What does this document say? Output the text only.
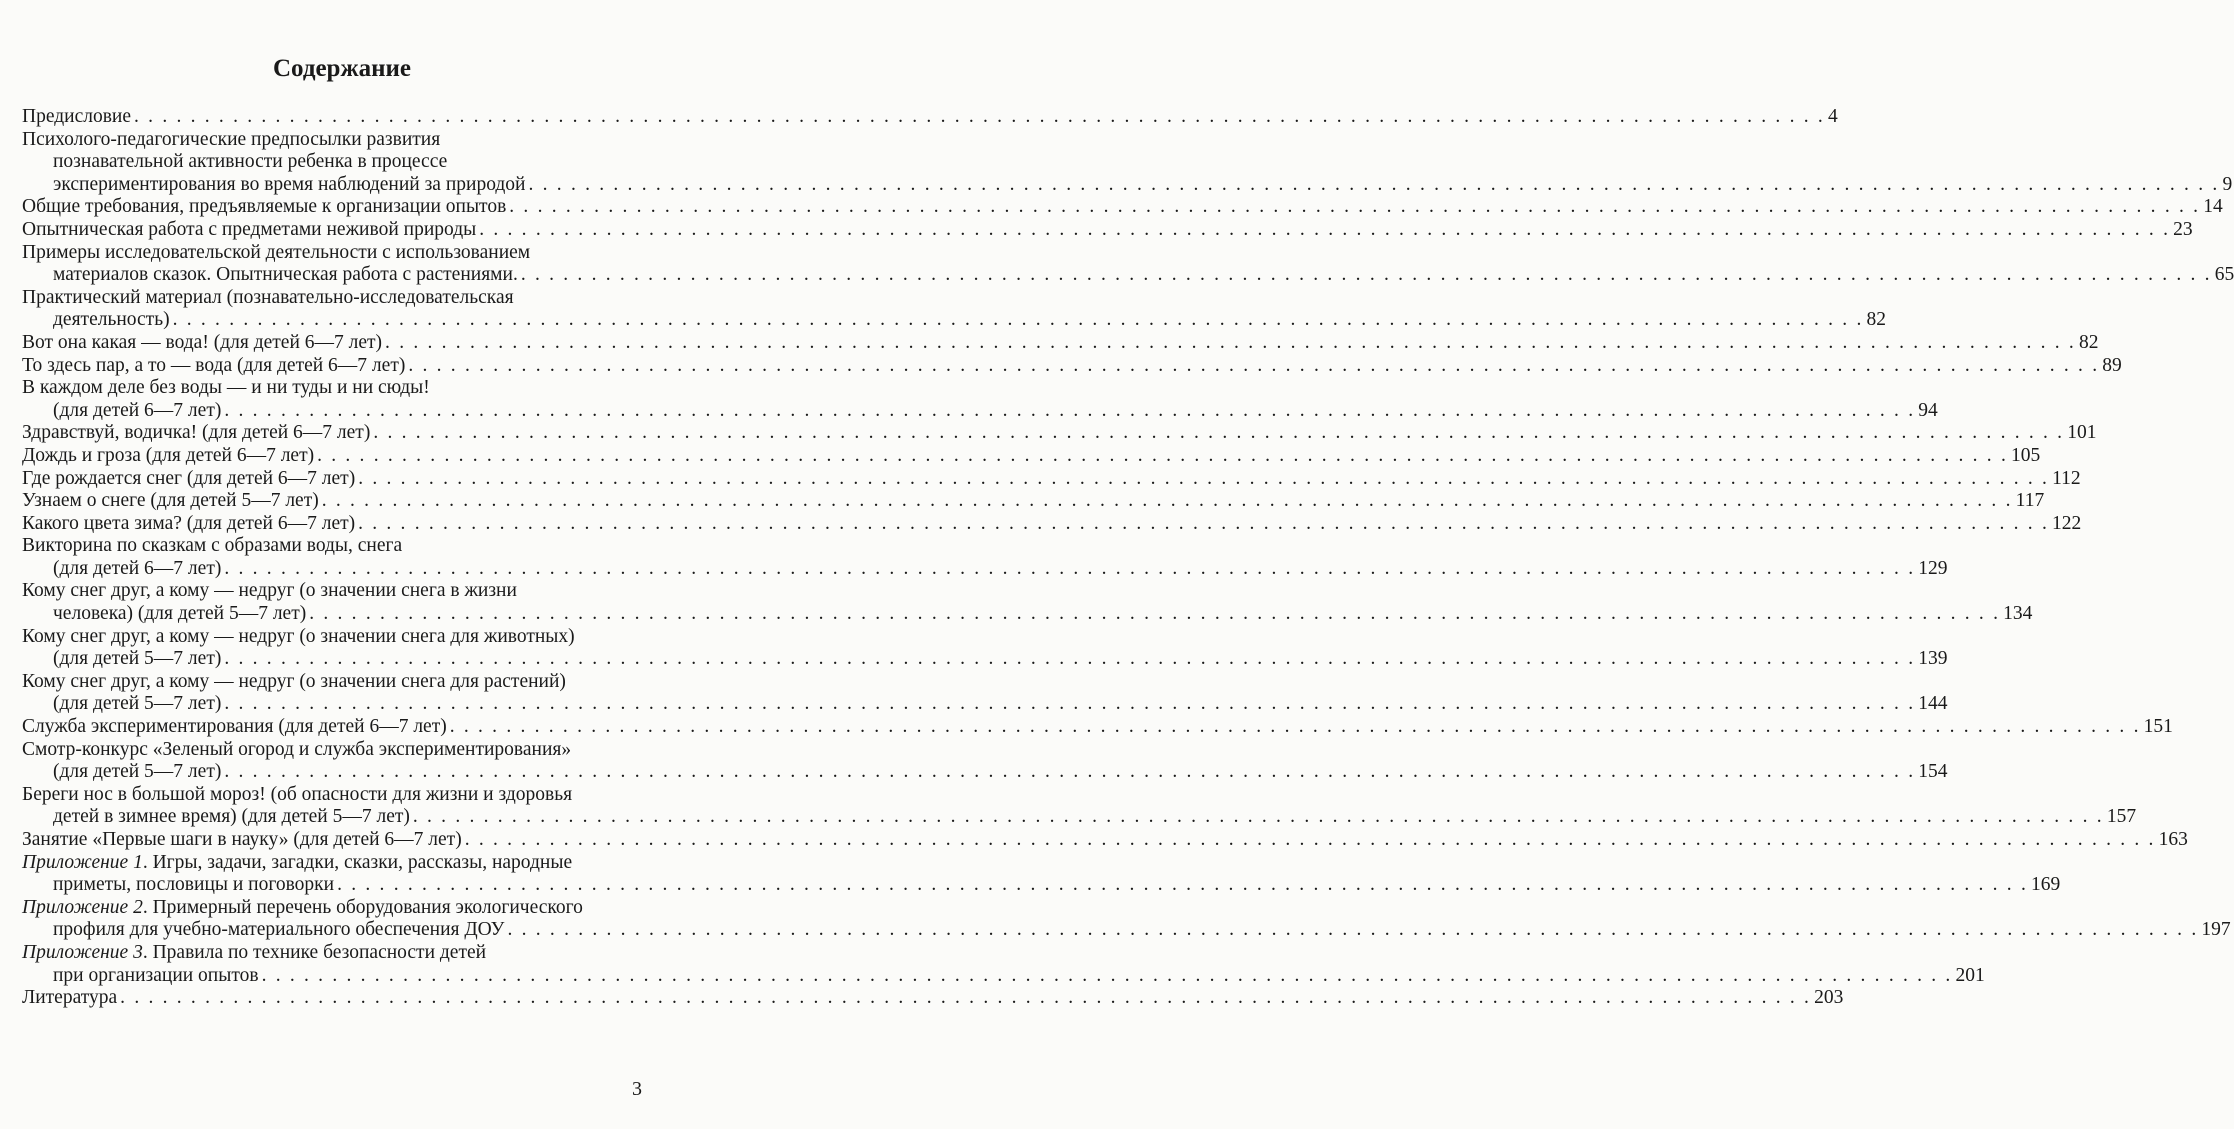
Содержание
Предисловие . . . . . . . . . . . . . . . . . . . . . . . . . . . . . . . . . . . . . . . . . . . . . . . . . . . . . . . . . . . . . . . . . . . . . . . . . . . . . . . . . . . . . . . . . . . . . . . . . . . . . . . . . . . . . . . . . . . . . . . . 4
Психолого-педагогические предпосылки развития
познавательной активности ребенка в процессе
экспериментирования во время наблюдений за природой . . . . . . . . . . . . . . . . . . . . . . . . . . . . . . . . . . . . . . . . . . . . . . . . . . . . . . . . . . . . . . . . . . . . . . . . . . . . . . . . . . . . . . . . . . . . . . . . . . . . . . . . . . . . . . . . . . . . . . . . 9
Общие требования, предъявляемые к организации опытов . . . . . . . . . . . . . . . . . . . . . . . . . . . . . . . . . . . . . . . . . . . . . . . . . . . . . . . . . . . . . . . . . . . . . . . . . . . . . . . . . . . . . . . . . . . . . . . . . . . . . . . . . . . . . . . . . . . . . . . . 14
Опытническая работа с предметами неживой природы . . . . . . . . . . . . . . . . . . . . . . . . . . . . . . . . . . . . . . . . . . . . . . . . . . . . . . . . . . . . . . . . . . . . . . . . . . . . . . . . . . . . . . . . . . . . . . . . . . . . . . . . . . . . . . . . . . . . . . . . 23
Примеры исследовательской деятельности с использованием
материалов сказок. Опытническая работа с растениями. . . . . . . . . . . . . . . . . . . . . . . . . . . . . . . . . . . . . . . . . . . . . . . . . . . . . . . . . . . . . . . . . . . . . . . . . . . . . . . . . . . . . . . . . . . . . . . . . . . . . . . . . . . . . . . . . . . . . . . . . 65
Практический материал (познавательно-исследовательская
деятельность) . . . . . . . . . . . . . . . . . . . . . . . . . . . . . . . . . . . . . . . . . . . . . . . . . . . . . . . . . . . . . . . . . . . . . . . . . . . . . . . . . . . . . . . . . . . . . . . . . . . . . . . . . . . . . . . . . . . . . . . . 82
Вот она какая — вода! (для детей 6—7 лет) . . . . . . . . . . . . . . . . . . . . . . . . . . . . . . . . . . . . . . . . . . . . . . . . . . . . . . . . . . . . . . . . . . . . . . . . . . . . . . . . . . . . . . . . . . . . . . . . . . . . . . . . . . . . . . . . . . . . . . . . 82
То здесь пар, а то — вода (для детей 6—7 лет) . . . . . . . . . . . . . . . . . . . . . . . . . . . . . . . . . . . . . . . . . . . . . . . . . . . . . . . . . . . . . . . . . . . . . . . . . . . . . . . . . . . . . . . . . . . . . . . . . . . . . . . . . . . . . . . . . . . . . . . . 89
В каждом деле без воды — и ни туды и ни сюды!
(для детей 6—7 лет) . . . . . . . . . . . . . . . . . . . . . . . . . . . . . . . . . . . . . . . . . . . . . . . . . . . . . . . . . . . . . . . . . . . . . . . . . . . . . . . . . . . . . . . . . . . . . . . . . . . . . . . . . . . . . . . . . . . . . . . . 94
Здравствуй, водичка! (для детей 6—7 лет) . . . . . . . . . . . . . . . . . . . . . . . . . . . . . . . . . . . . . . . . . . . . . . . . . . . . . . . . . . . . . . . . . . . . . . . . . . . . . . . . . . . . . . . . . . . . . . . . . . . . . . . . . . . . . . . . . . . . . . . . 101
Дождь и гроза (для детей 6—7 лет) . . . . . . . . . . . . . . . . . . . . . . . . . . . . . . . . . . . . . . . . . . . . . . . . . . . . . . . . . . . . . . . . . . . . . . . . . . . . . . . . . . . . . . . . . . . . . . . . . . . . . . . . . . . . . . . . . . . . . . . . 105
Где рождается снег (для детей 6—7 лет) . . . . . . . . . . . . . . . . . . . . . . . . . . . . . . . . . . . . . . . . . . . . . . . . . . . . . . . . . . . . . . . . . . . . . . . . . . . . . . . . . . . . . . . . . . . . . . . . . . . . . . . . . . . . . . . . . . . . . . . . 112
Узнаем о снеге (для детей 5—7 лет) . . . . . . . . . . . . . . . . . . . . . . . . . . . . . . . . . . . . . . . . . . . . . . . . . . . . . . . . . . . . . . . . . . . . . . . . . . . . . . . . . . . . . . . . . . . . . . . . . . . . . . . . . . . . . . . . . . . . . . . . 117
Какого цвета зима? (для детей 6—7 лет) . . . . . . . . . . . . . . . . . . . . . . . . . . . . . . . . . . . . . . . . . . . . . . . . . . . . . . . . . . . . . . . . . . . . . . . . . . . . . . . . . . . . . . . . . . . . . . . . . . . . . . . . . . . . . . . . . . . . . . . . 122
Викторина по сказкам с образами воды, снега
(для детей 6—7 лет) . . . . . . . . . . . . . . . . . . . . . . . . . . . . . . . . . . . . . . . . . . . . . . . . . . . . . . . . . . . . . . . . . . . . . . . . . . . . . . . . . . . . . . . . . . . . . . . . . . . . . . . . . . . . . . . . . . . . . . . . 129
Кому снег друг, а кому — недруг (о значении снега в жизни
человека) (для детей 5—7 лет) . . . . . . . . . . . . . . . . . . . . . . . . . . . . . . . . . . . . . . . . . . . . . . . . . . . . . . . . . . . . . . . . . . . . . . . . . . . . . . . . . . . . . . . . . . . . . . . . . . . . . . . . . . . . . . . . . . . . . . . . 134
Кому снег друг, а кому — недруг (о значении снега для животных)
(для детей 5—7 лет) . . . . . . . . . . . . . . . . . . . . . . . . . . . . . . . . . . . . . . . . . . . . . . . . . . . . . . . . . . . . . . . . . . . . . . . . . . . . . . . . . . . . . . . . . . . . . . . . . . . . . . . . . . . . . . . . . . . . . . . . 139
Кому снег друг, а кому — недруг (о значении снега для растений)
(для детей 5—7 лет) . . . . . . . . . . . . . . . . . . . . . . . . . . . . . . . . . . . . . . . . . . . . . . . . . . . . . . . . . . . . . . . . . . . . . . . . . . . . . . . . . . . . . . . . . . . . . . . . . . . . . . . . . . . . . . . . . . . . . . . . 144
Служба экспериментирования (для детей 6—7 лет) . . . . . . . . . . . . . . . . . . . . . . . . . . . . . . . . . . . . . . . . . . . . . . . . . . . . . . . . . . . . . . . . . . . . . . . . . . . . . . . . . . . . . . . . . . . . . . . . . . . . . . . . . . . . . . . . . . . . . . . . 151
Смотр-конкурс «Зеленый огород и служба экспериментирования»
(для детей 5—7 лет) . . . . . . . . . . . . . . . . . . . . . . . . . . . . . . . . . . . . . . . . . . . . . . . . . . . . . . . . . . . . . . . . . . . . . . . . . . . . . . . . . . . . . . . . . . . . . . . . . . . . . . . . . . . . . . . . . . . . . . . . 154
Береги нос в большой мороз! (об опасности для жизни и здоровья
детей в зимнее время) (для детей 5—7 лет) . . . . . . . . . . . . . . . . . . . . . . . . . . . . . . . . . . . . . . . . . . . . . . . . . . . . . . . . . . . . . . . . . . . . . . . . . . . . . . . . . . . . . . . . . . . . . . . . . . . . . . . . . . . . . . . . . . . . . . . . 157
Занятие «Первые шаги в науку» (для детей 6—7 лет) . . . . . . . . . . . . . . . . . . . . . . . . . . . . . . . . . . . . . . . . . . . . . . . . . . . . . . . . . . . . . . . . . . . . . . . . . . . . . . . . . . . . . . . . . . . . . . . . . . . . . . . . . . . . . . . . . . . . . . . . 163
Приложение 1 . Игры, задачи, загадки, сказки, рассказы, народные
приметы, пословицы и поговорки . . . . . . . . . . . . . . . . . . . . . . . . . . . . . . . . . . . . . . . . . . . . . . . . . . . . . . . . . . . . . . . . . . . . . . . . . . . . . . . . . . . . . . . . . . . . . . . . . . . . . . . . . . . . . . . . . . . . . . . . 169
Приложение 2 . Примерный перечень оборудования экологического
профиля для учебно-материального обеспечения ДОУ . . . . . . . . . . . . . . . . . . . . . . . . . . . . . . . . . . . . . . . . . . . . . . . . . . . . . . . . . . . . . . . . . . . . . . . . . . . . . . . . . . . . . . . . . . . . . . . . . . . . . . . . . . . . . . . . . . . . . . . . 197
Приложение 3 . Правила по технике безопасности детей
при организации опытов . . . . . . . . . . . . . . . . . . . . . . . . . . . . . . . . . . . . . . . . . . . . . . . . . . . . . . . . . . . . . . . . . . . . . . . . . . . . . . . . . . . . . . . . . . . . . . . . . . . . . . . . . . . . . . . . . . . . . . . . 201
Литература . . . . . . . . . . . . . . . . . . . . . . . . . . . . . . . . . . . . . . . . . . . . . . . . . . . . . . . . . . . . . . . . . . . . . . . . . . . . . . . . . . . . . . . . . . . . . . . . . . . . . . . . . . . . . . . . . . . . . . . . 203
3
